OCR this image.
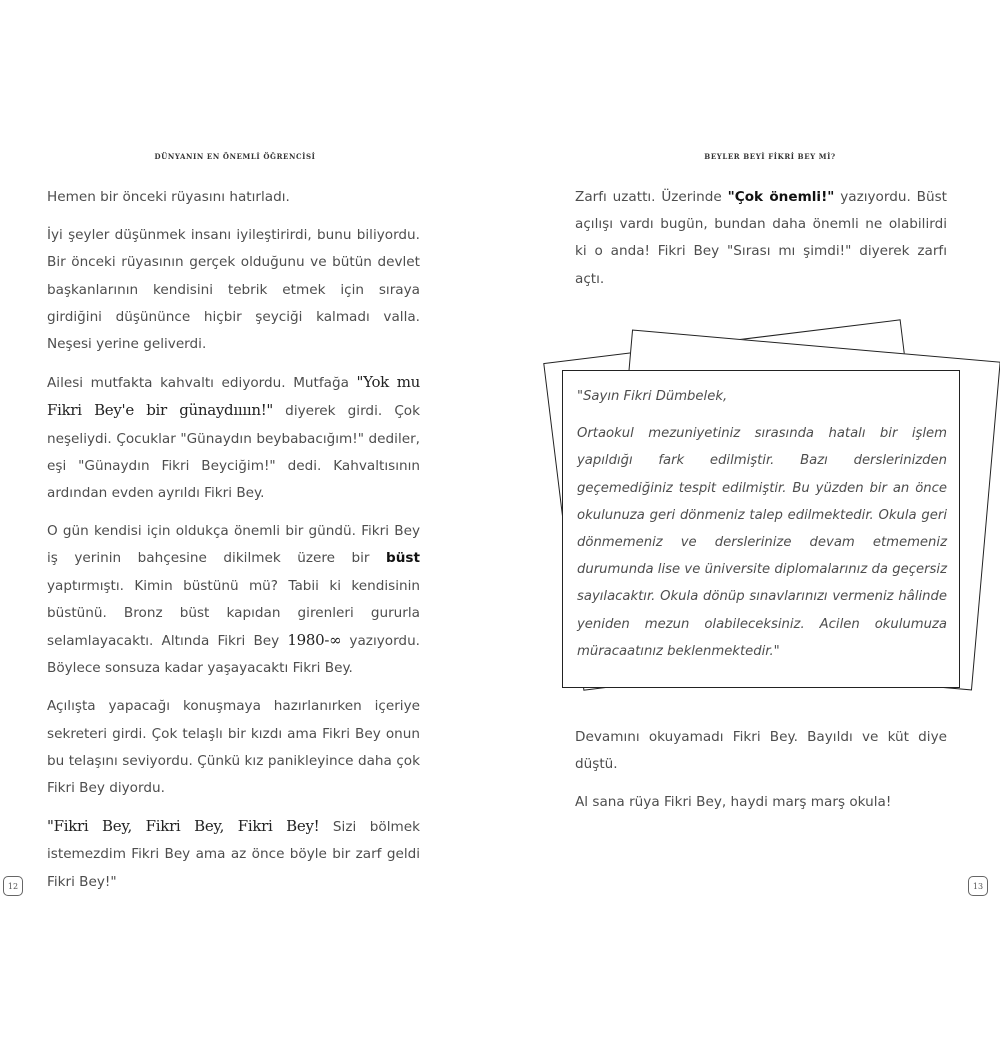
DÜNYANIN EN ÖNEMLİ ÖĞRENCİSİ

Hemen bir önceki rüyasını hatırladı.

İyi şeyler düşünmek insanı iyileştirirdi, bunu biliyordu. Bir önceki rüyasının gerçek olduğunu ve bütün devlet başkanlarının kendisini tebrik etmek için sıraya girdiğini düşününce hiçbir şeyciği kalmadı valla. Neşesi yerine geliverdi.

Ailesi mutfakta kahvaltı ediyordu. Mutfağa "Yok mu Fikri Bey'e bir günaydıııın!" diyerek girdi. Çok neşeliydi. Çocuklar "Günaydın beybabacığım!" dediler, eşi "Günaydın Fikri Beyciğim!" dedi. Kahvaltısının ardından evden ayrıldı Fikri Bey.

O gün kendisi için oldukça önemli bir gündü. Fikri Bey iş yerinin bahçesine dikilmek üzere bir büst yaptırmıştı. Kimin büstünü mü? Tabii ki kendisinin büstünü. Bronz büst kapıdan girenleri gururla selamlayacaktı. Altında Fikri Bey 1980-∞ yazıyordu. Böylece sonsuza kadar yaşayacaktı Fikri Bey.

Açılışta yapacağı konuşmaya hazırlanırken içeriye sekreteri girdi. Çok telaşlı bir kızdı ama Fikri Bey onun bu telaşını seviyordu. Çünkü kız panikleyince daha çok Fikri Bey diyordu.

"Fikri Bey, Fikri Bey, Fikri Bey! Sizi bölmek istemezdim Fikri Bey ama az önce böyle bir zarf geldi Fikri Bey!"

12
BEYLER BEYİ FİKRİ BEY Mİ?

Zarfı uzattı. Üzerinde "Çok önemli!" yazıyordu. Büst açılışı vardı bugün, bundan daha önemli ne olabilirdi ki o anda! Fikri Bey "Sırası mı şimdi!" diyerek zarfı açtı.

"Sayın Fikri Dümbelek,

Ortaokul mezuniyetiniz sırasında hatalı bir işlem yapıldığı fark edilmiştir. Bazı derslerinizden geçemediğiniz tespit edilmiştir. Bu yüzden bir an önce okulunuza geri dönmeniz talep edilmektedir. Okula geri dönmemeniz ve derslerinize devam etmemeniz durumunda lise ve üniversite diplomalarınız da geçersiz sayılacaktır. Okula dönüp sınavlarınızı vermeniz hâlinde yeniden mezun olabileceksiniz. Acilen okulumuza müracaatınız beklenmektedir."

Devamını okuyamadı Fikri Bey. Bayıldı ve küt diye düştü.

Al sana rüya Fikri Bey, haydi marş marş okula!

13
